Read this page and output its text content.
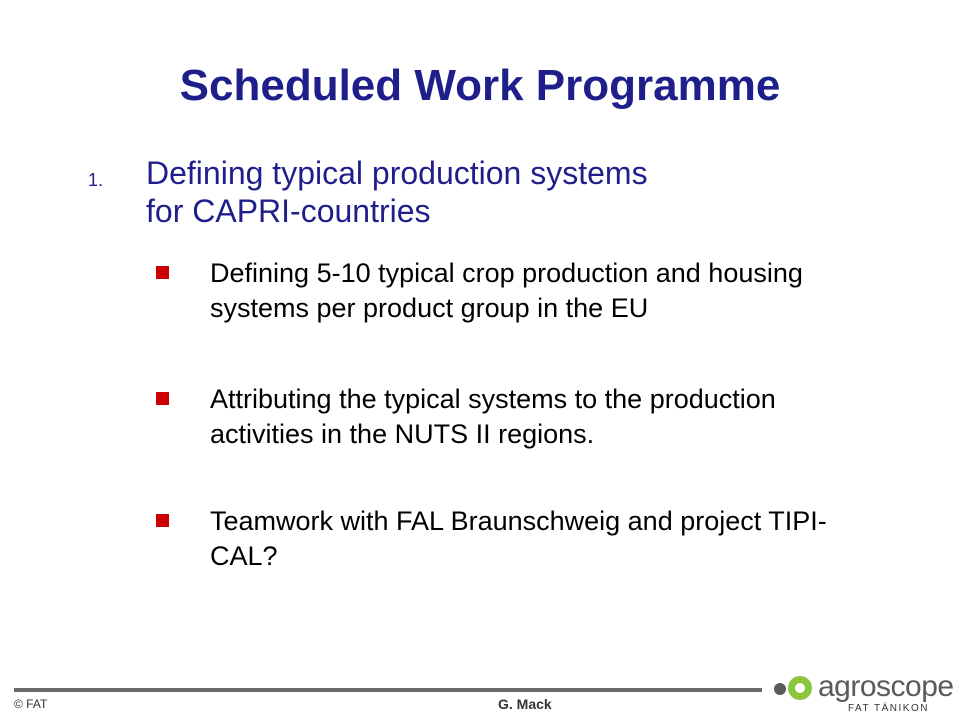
Scheduled Work Programme
1. Defining typical production systems
for CAPRI-countries
Defining 5-10 typical crop production and housing systems per product group in the EU
Attributing the typical systems to the production activities in the NUTS II regions.
Teamwork with FAL Braunschweig and project TIPI-CAL?
© FAT	G. Mack
agroscope
FAT TÄNIKON
